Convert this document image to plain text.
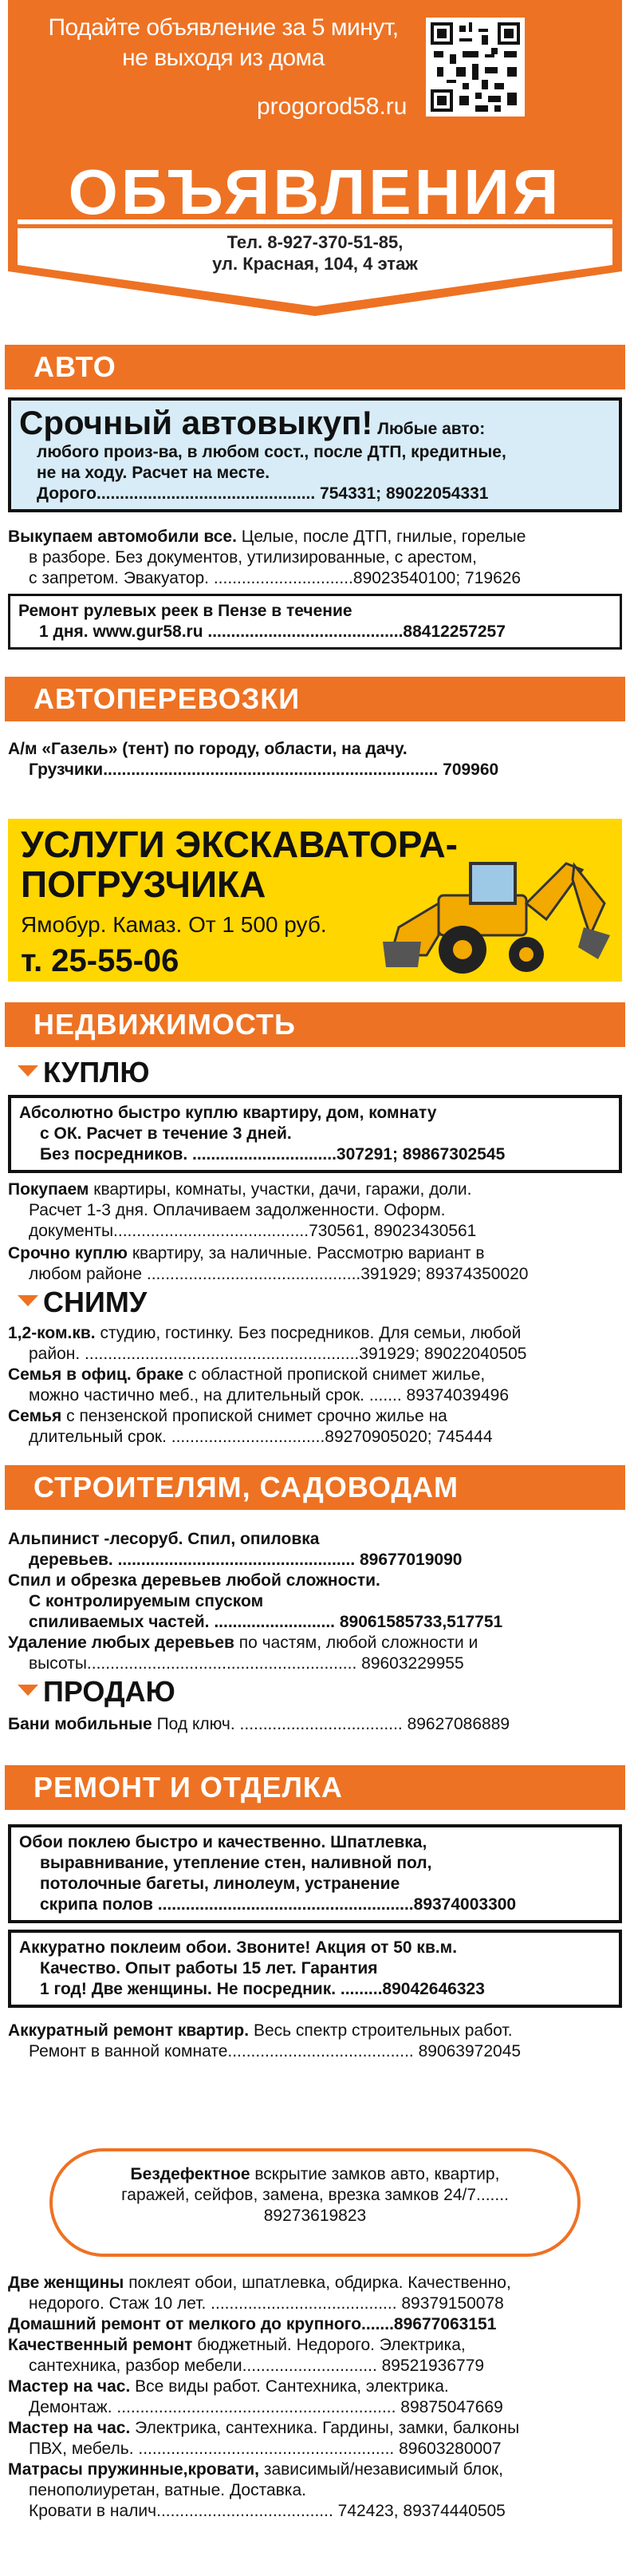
Подайте объявление за 5 минут,
не выходя из дома
progorod58.ru
ОБЪЯВЛЕНИЯ
Тел. 8-927-370-51-85,
ул. Красная, 104, 4 этаж
АВТО
Срочный автовыкуп! Любые авто:
любого произ-ва, в любом сост., после ДТП, кредитные,
не на ходу. Расчет на месте.
Дорого............................................... 754331; 89022054331

Выкупаем автомобили все. Целые, после ДТП, гнилые, горелые

в разборе. Без документов, утилизированные, с арестом,

с запретом. Эвакуатор. ..............................89023540100; 719626

Ремонт рулевых реек в Пензе в течение

1 дня. www.gur58.ru ..........................................88412257257

АВТОПЕРЕВОЗКИ

А/м «Газель» (тент) по городу, области, на дачу.

Грузчики........................................................................ 709960

УСЛУГИ ЭКСКАВАТОРА-
ПОГРУЗЧИКА
Ямобур. Камаз. От 1 500 руб.
т. 25-55-06
НЕДВИЖИМОСТЬ
КУПЛЮ

Абсолютно быстро куплю квартиру, дом, комнату

с ОК. Расчет в течение 3 дней.

Без посредников. ...............................307291; 89867302545

Покупаем квартиры, комнаты, участки, дачи, гаражи, доли.

Расчет 1-3 дня. Оплачиваем задолженности. Оформ.

документы..........................................730561, 89023430561

Срочно куплю квартиру, за наличные. Рассмотрю вариант в

любом районе ..............................................391929; 89374350020

СНИМУ

1,2-ком.кв. студию, гостинку. Без посредников. Для семьи, любой

район. ...........................................................391929; 89022040505

Семья в офиц. браке с областной пропиской снимет жилье,

можно частично меб., на длительный срок. ....... 89374039496

Семья с пензенской пропиской снимет срочно жилье на

длительный срок. .................................89270905020; 745444

СТРОИТЕЛЯМ, САДОВОДАМ

Альпинист -лесоруб. Спил, опиловка

деревьев. ................................................... 89677019090

Спил и обрезка деревьев любой сложности.

С контролируемым спуском

спиливаемых частей. .......................... 89061585733,517751

Удаление любых деревьев по частям, любой сложности и

высоты.......................................................... 89603229955

ПРОДАЮ

Бани мобильные Под ключ. ................................... 89627086889

РЕМОНТ И ОТДЕЛКА

Обои поклею быстро и качественно. Шпатлевка,

выравнивание, утепление стен, наливной пол,

потолочные багеты, линолеум, устранение

скрипа полов .......................................................89374003300

Аккуратно поклеим обои. Звоните! Акция от 50 кв.м.

Качество. Опыт работы 15 лет. Гарантия

1 год! Две женщины. Не посредник. .........89042646323

Аккуратный ремонт квартир. Весь спектр строительных работ.

Ремонт в ванной комнате........................................ 89063972045

Бездефектное вскрытие замков авто, квартир,

гаражей, сейфов, замена, врезка замков 24/7.......

89273619823

Две женщины поклеят обои, шпатлевка, обдирка. Качественно,

недорого. Стаж 10 лет. ........................................ 89379150078

Домашний ремонт от мелкого до крупного.......89677063151

Качественный ремонт бюджетный. Недорого. Электрика,

сантехника, разбор мебели............................. 89521936779

Мастер на час. Все виды работ. Сантехника, электрика.

Демонтаж. ............................................................ 89875047669

Мастер на час. Электрика, сантехника. Гардины, замки, балконы

ПВХ, мебель. ....................................................... 89603280007

Матрасы пружинные,кровати, зависимый/независимый блок,

пенополиуретан, ватные. Доставка.

Кровати в налич...................................... 742423, 89374440505
